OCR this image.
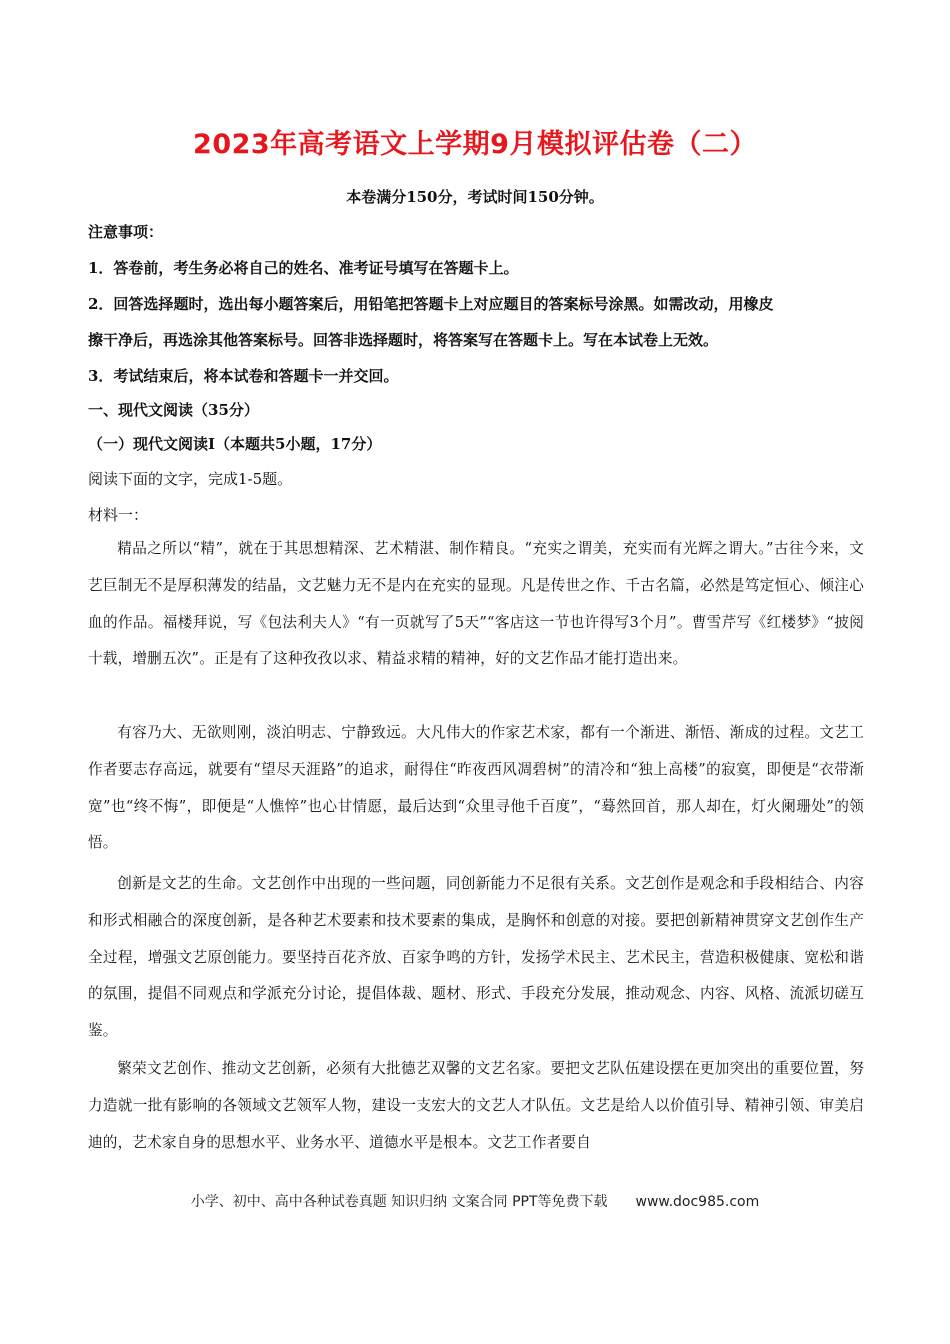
2023年高考语文上学期9月模拟评估卷（二）
本卷满分150分，考试时间150分钟。
注意事项：
1．答卷前，考生务必将自己的姓名、准考证号填写在答题卡上。
2．回答选择题时，选出每小题答案后，用铅笔把答题卡上对应题目的答案标号涂黑。如需改动，用橡皮
擦干净后，再选涂其他答案标号。回答非选择题时，将答案写在答题卡上。写在本试卷上无效。
3．考试结束后，将本试卷和答题卡一并交回。
一、现代文阅读（35分）
（一）现代文阅读Ⅰ（本题共5小题，17分）
阅读下面的文字，完成1-5题。
材料一：
精品之所以“精”，就在于其思想精深、艺术精湛、制作精良。“充实之谓美，充实而有光辉之谓大。”古往今来，文艺巨制无不是厚积薄发的结晶，文艺魅力无不是内在充实的显现。凡是传世之作、千古名篇，必然是笃定恒心、倾注心血的作品。福楼拜说，写《包法利夫人》“有一页就写了5天”“客店这一节也许得写3个月”。曹雪芹写《红楼梦》“披阅十载，增删五次”。正是有了这种孜孜以求、精益求精的精神，好的文艺作品才能打造出来。
有容乃大、无欲则刚，淡泊明志、宁静致远。大凡伟大的作家艺术家，都有一个渐进、渐悟、渐成的过程。文艺工作者要志存高远，就要有“望尽天涯路”的追求，耐得住“昨夜西风凋碧树”的清冷和“独上高楼”的寂寞，即便是“衣带渐宽”也“终不悔”，即便是“人憔悴”也心甘情愿，最后达到“众里寻他千百度”，“蓦然回首，那人却在，灯火阑珊处”的领悟。
创新是文艺的生命。文艺创作中出现的一些问题，同创新能力不足很有关系。文艺创作是观念和手段相结合、内容和形式相融合的深度创新，是各种艺术要素和技术要素的集成，是胸怀和创意的对接。要把创新精神贯穿文艺创作生产全过程，增强文艺原创能力。要坚持百花齐放、百家争鸣的方针，发扬学术民主、艺术民主，营造积极健康、宽松和谐的氛围，提倡不同观点和学派充分讨论，提倡体裁、题材、形式、手段充分发展，推动观念、内容、风格、流派切磋互鉴。
繁荣文艺创作、推动文艺创新，必须有大批德艺双馨的文艺名家。要把文艺队伍建设摆在更加突出的重要位置，努力造就一批有影响的各领域文艺领军人物，建设一支宏大的文艺人才队伍。文艺是给人以价值引导、精神引领、审美启迪的，艺术家自身的思想水平、业务水平、道德水平是根本。文艺工作者要自
小学、初中、高中各种试卷真题 知识归纳 文案合同 PPT等免费下载 www.doc985.com
